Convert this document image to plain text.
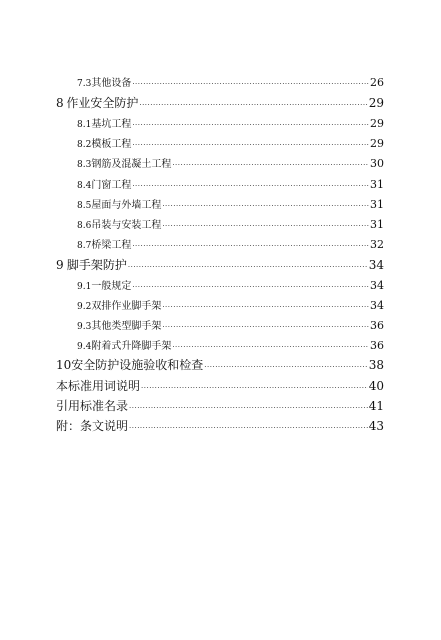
7.3 其他设备 ·····	26
8 作业安全防护 ·····	29
8.1 基坑工程 ·····	29
8.2 模板工程 ·····	29
8.3 钢筋及混凝土工程 ·····	30
8.4 门窗工程 ·····	31
8.5 屋面与外墙工程 ·····	31
8.6 吊装与安装工程 ·····	31
8.7 桥梁工程 ·····	32
9 脚手架防护 ·····	34
9.1 一般规定 ·····	34
9.2 双排作业脚手架 ·····	34
9.3 其他类型脚手架 ·····	36
9.4 附着式升降脚手架 ·····	36
10 安全防护设施验收和检查 ·····	38
本标准用词说明 ·····	40
引用标准名录 ·····	41
附：条文说明 ·····	43
